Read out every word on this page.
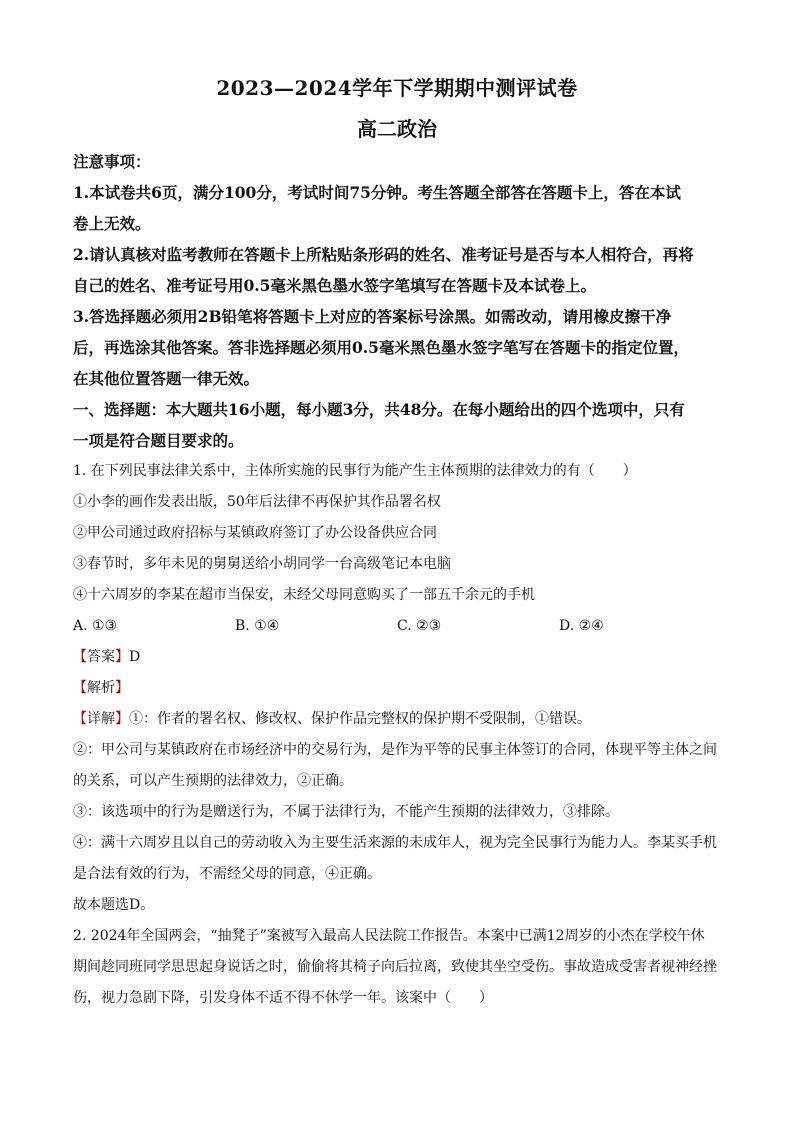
2023—2024学年下学期期中测评试卷
高二政治

注意事项：

1.本试卷共6页，满分100分，考试时间75分钟。考生答题全部答在答题卡上，答在本试

卷上无效。

2.请认真核对监考教师在答题卡上所粘贴条形码的姓名、准考证号是否与本人相符合，再将

自己的姓名、准考证号用0.5毫米黑色墨水签字笔填写在答题卡及本试卷上。

3.答选择题必须用2B铅笔将答题卡上对应的答案标号涂黑。如需改动，请用橡皮擦干净

后，再选涂其他答案。答非选择题必须用0.5毫米黑色墨水签字笔写在答题卡的指定位置，

在其他位置答题一律无效。

一、选择题：本大题共16小题，每小题3分，共48分。在每小题给出的四个选项中，只有

一项是符合题目要求的。

1. 在下列民事法律关系中，主体所实施的民事行为能产生主体预期的法律效力的有（　　）

①小李的画作发表出版，50年后法律不再保护其作品署名权

②甲公司通过政府招标与某镇政府签订了办公设备供应合同

③春节时，多年未见的舅舅送给小胡同学一台高级笔记本电脑

④十六周岁的李某在超市当保安，未经父母同意购买了一部五千余元的手机

A. ①③	B. ①④	C. ②③	D. ②④

【答案】D

【解析】

【详解】①：作者的署名权、修改权、保护作品完整权的保护期不受限制，①错误。

②：甲公司与某镇政府在市场经济中的交易行为，是作为平等的民事主体签订的合同，体现平等主体之间

的关系，可以产生预期的法律效力，②正确。

③：该选项中的行为是赠送行为，不属于法律行为，不能产生预期的法律效力，③排除。

④：满十六周岁且以自己的劳动收入为主要生活来源的未成年人，视为完全民事行为能力人。李某买手机

是合法有效的行为，不需经父母的同意，④正确。

故本题选D。

2. 2024年全国两会，“抽凳子”案被写入最高人民法院工作报告。本案中已满12周岁的小杰在学校午休

期间趁同班同学思思起身说话之时，偷偷将其椅子向后拉离，致使其坐空受伤。事故造成受害者视神经挫

伤，视力急剧下降，引发身体不适不得不休学一年。该案中（　　）
